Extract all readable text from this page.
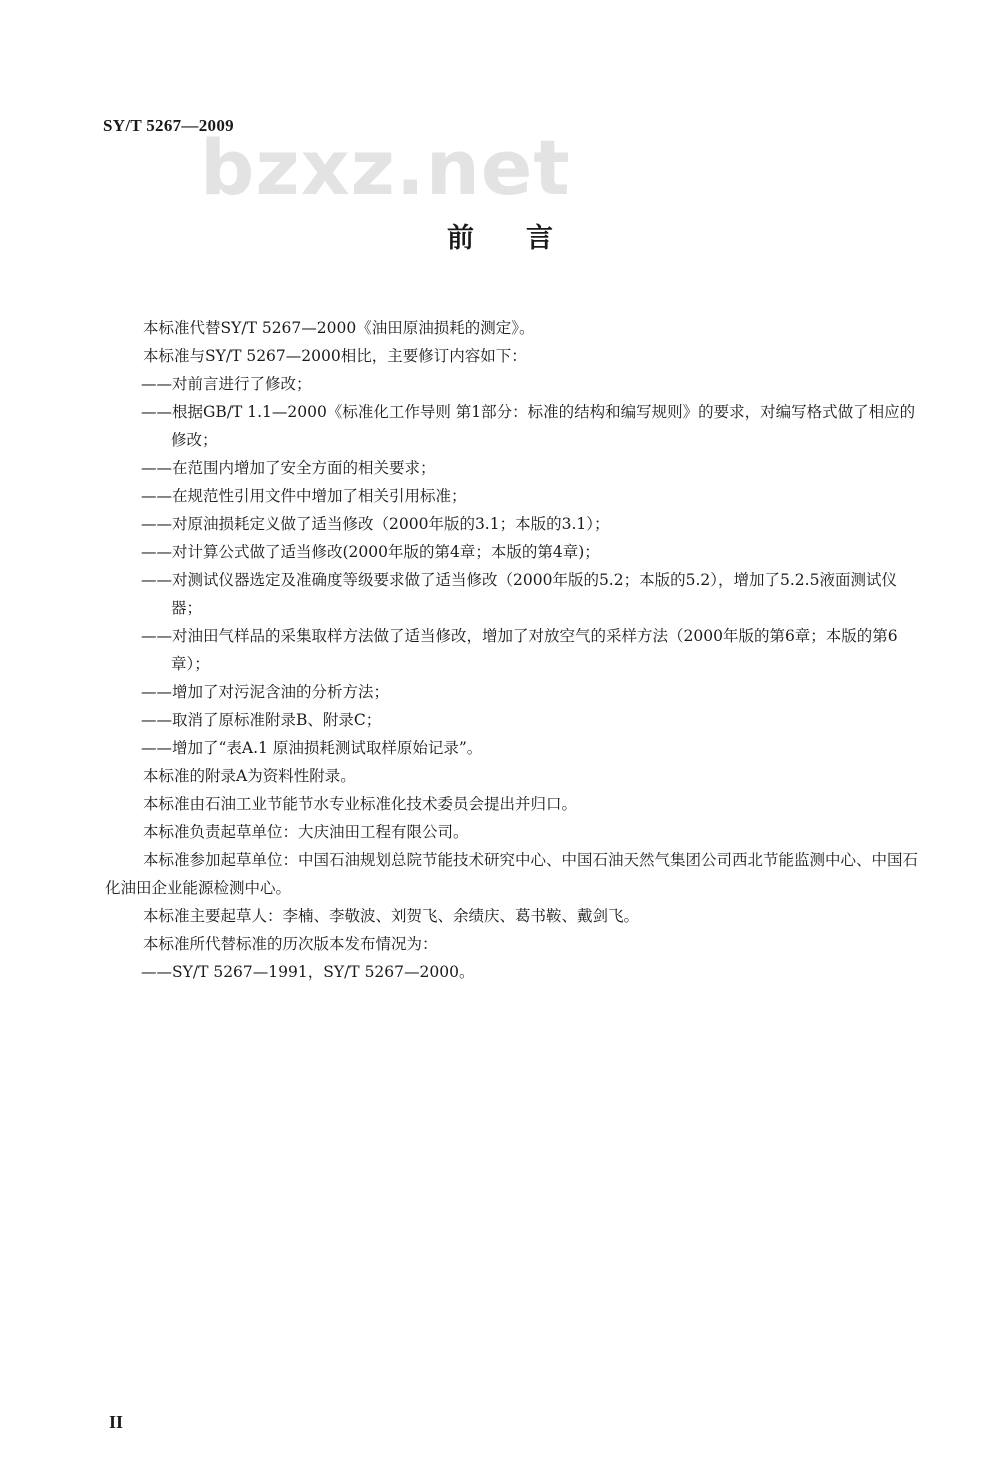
SY/T 5267—2009
bzxz.net
前言

本标准代替SY/T 5267—2000《油田原油损耗的测定》。

本标准与SY/T 5267—2000相比，主要修订内容如下：

——对前言进行了修改；

——根据GB/T 1.1—2000《标准化工作导则 第1部分：标准的结构和编写规则》的要求，对编写格式做了相应的修改；

——在范围内增加了安全方面的相关要求；

——在规范性引用文件中增加了相关引用标准；

——对原油损耗定义做了适当修改（2000年版的3.1；本版的3.1）；

——对计算公式做了适当修改(2000年版的第4章；本版的第4章)；

——对测试仪器选定及准确度等级要求做了适当修改（2000年版的5.2；本版的5.2），增加了5.2.5液面测试仪器；

——对油田气样品的采集取样方法做了适当修改，增加了对放空气的采样方法（2000年版的第6章；本版的第6章）；

——增加了对污泥含油的分析方法；

——取消了原标准附录B、附录C；

——增加了“表A.1 原油损耗测试取样原始记录”。

本标准的附录A为资料性附录。

本标准由石油工业节能节水专业标准化技术委员会提出并归口。

本标准负责起草单位：大庆油田工程有限公司。

本标准参加起草单位：中国石油规划总院节能技术研究中心、中国石油天然气集团公司西北节能监测中心、中国石化油田企业能源检测中心。

本标准主要起草人：李楠、李敬波、刘贺飞、余绩庆、葛书鞍、戴剑飞。

本标准所代替标准的历次版本发布情况为：

——SY/T 5267—1991，SY/T 5267—2000。

II
